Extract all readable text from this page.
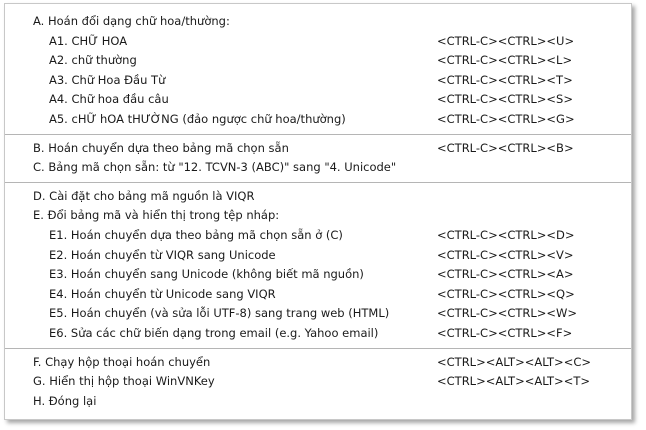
A. Hoán đổi dạng chữ hoa/thường:
A1. CHỮ HOA	<CTRL-C><CTRL><U>
A2. chữ thường	<CTRL-C><CTRL><L>
A3. Chữ Hoa Đầu Từ	<CTRL-C><CTRL><T>
A4. Chữ hoa đầu câu	<CTRL-C><CTRL><S>
A5. cHỮ hOA tHƯỜNG (đảo ngược chữ hoa/thường)	<CTRL-C><CTRL><G>
B. Hoán chuyển dựa theo bảng mã chọn sẵn	<CTRL-C><CTRL><B>
C. Bảng mã chọn sẵn: từ "12. TCVN-3 (ABC)" sang "4. Unicode"
D. Cài đặt cho bảng mã nguồn là VIQR
E. Đổi bảng mã và hiển thị trong tệp nháp:
E1. Hoán chuyển dựa theo bảng mã chọn sẵn ở (C)	<CTRL-C><CTRL><D>
E2. Hoán chuyển từ VIQR sang Unicode	<CTRL-C><CTRL><V>
E3. Hoán chuyển sang Unicode (không biết mã nguồn)	<CTRL-C><CTRL><A>
E4. Hoán chuyển từ Unicode sang VIQR	<CTRL-C><CTRL><Q>
E5. Hoán chuyển (và sửa lỗi UTF-8) sang trang web (HTML)	<CTRL-C><CTRL><W>
E6. Sửa các chữ biến dạng trong email (e.g. Yahoo email)	<CTRL-C><CTRL><F>
F. Chạy hộp thoại hoán chuyển	<CTRL><ALT><ALT><C>
G. Hiển thị hộp thoại WinVNKey	<CTRL><ALT><ALT><T>
H. Đóng lại
